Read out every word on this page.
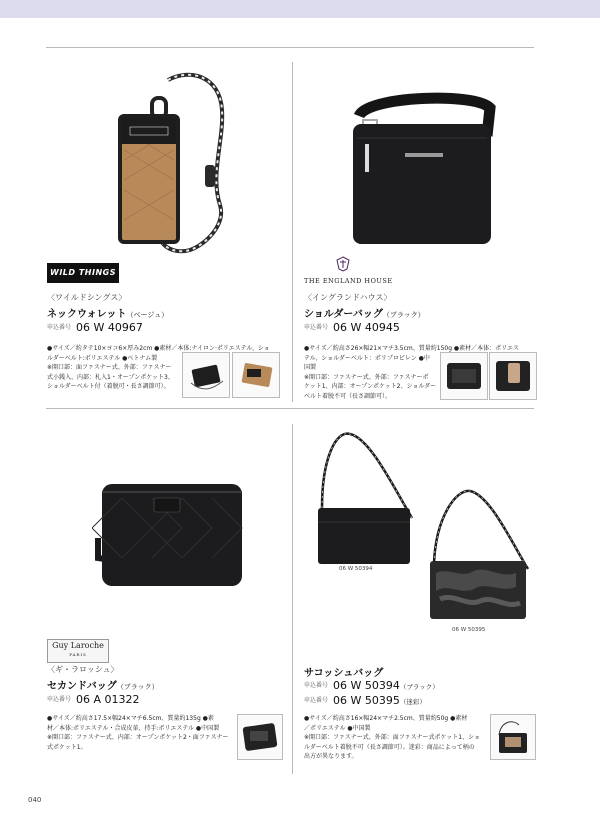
WILD THINGS
〈ワイルドシングス〉
ネックウォレット（ベージュ）
申込番号 06 W 40967
●サイズ／約タテ10×ヨコ6×厚み2cm ●素材／本体:ナイロン·ポリエステル、ショ
ルダーベルト:ポリエステル ●ベトナム製
※開口部：面ファスナー式、外部：ファスナー
式小銭入、内部：札入1・オープンポケット3、
ショルダーベルト付（着脱可・長さ調節可）。
THE ENGLAND HOUSE
〈イングランドハウス〉
ショルダーバッグ（ブラック）
申込番号 06 W 40945
●サイズ／約高さ26×幅21×マチ3.5cm、質量約150g ●素材／本体：ポリエス
テル、ショルダーベルト：ポリプロピレン ●中
国製
※開口部：ファスナー式、外部：ファスナーポ
ケット1、内部：オープンポケット2、ショルダー
ベルト着脱不可（長さ調節可）。
Guy Laroche
PARIS
〈ギ・ラロッシュ〉
セカンドバッグ（ブラック）
申込番号 06 A 01322
●サイズ／約高さ17.5×幅24×マチ6.5cm、質量約135g ●素
材／本体:ポリエステル・合成皮革、持手:ポリエステル ●中国製
※開口部：ファスナー式、内部：オープンポケット2・面ファスナー
式ポケット1。
06 W 50394
06 W 50395
サコッシュバッグ
申込番号 06 W 50394（ブラック）
申込番号 06 W 50395（迷彩）
●サイズ／約高さ16×幅24×マチ2.5cm、質量約50g ●素材
／ポリエステル ●中国製
※開口部：ファスナー式、外部：面ファスナー式ポケット1、ショ
ルダーベルト着脱不可（長さ調節可）。迷彩：商品によって柄の
出方が異なります。
040
